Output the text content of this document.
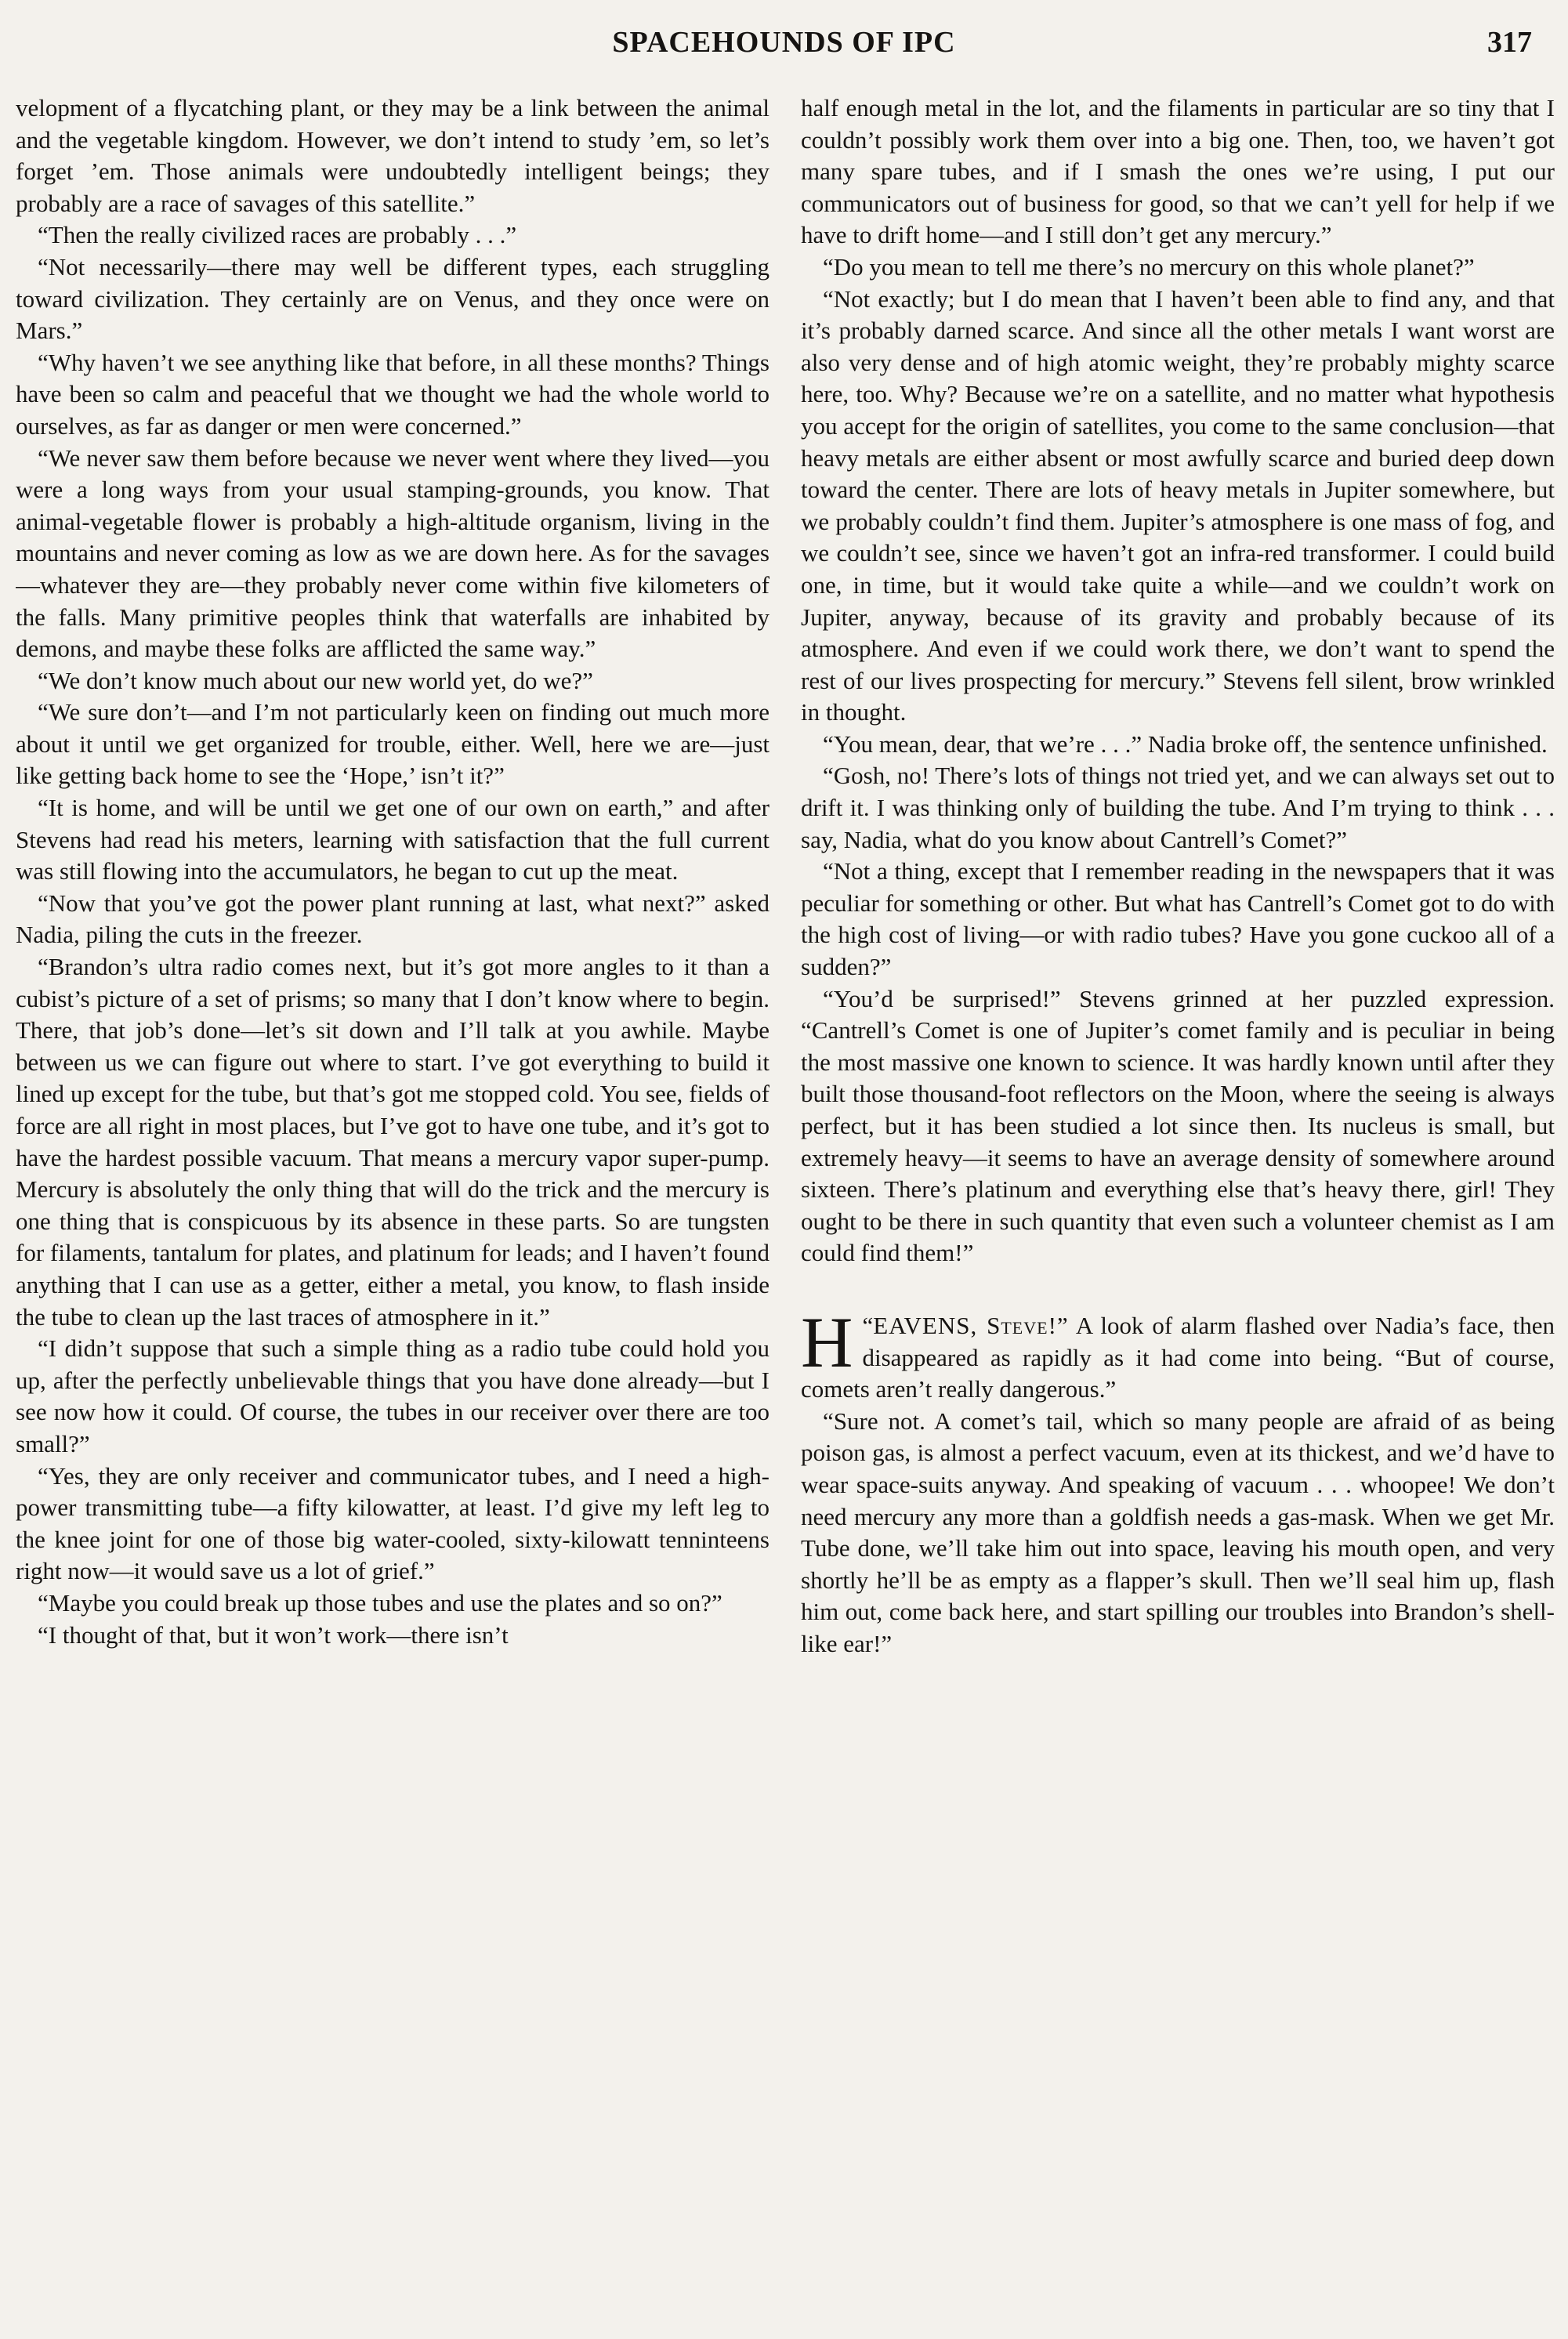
SPACEHOUNDS OF IPC	317

velopment of a flycatching plant, or they may be a link between the animal and the vegetable kingdom. However, we don’t intend to study ’em, so let’s forget ’em. Those animals were undoubtedly intelligent beings; they probably are a race of savages of this satellite.”

“Then the really civilized races are probably . . .”

“Not necessarily—there may well be different types, each struggling toward civilization. They certainly are on Venus, and they once were on Mars.”

“Why haven’t we see anything like that before, in all these months? Things have been so calm and peaceful that we thought we had the whole world to ourselves, as far as danger or men were concerned.”

“We never saw them before because we never went where they lived—you were a long ways from your usual stamping-grounds, you know. That animal-vegetable flower is probably a high-altitude organism, living in the mountains and never coming as low as we are down here. As for the savages—whatever they are—they probably never come within five kilometers of the falls. Many primitive peoples think that waterfalls are inhabited by demons, and maybe these folks are afflicted the same way.”

“We don’t know much about our new world yet, do we?”

“We sure don’t—and I’m not particularly keen on finding out much more about it until we get organized for trouble, either. Well, here we are—just like getting back home to see the ‘Hope,’ isn’t it?”

“It is home, and will be until we get one of our own on earth,” and after Stevens had read his meters, learning with satisfaction that the full current was still flowing into the accumulators, he began to cut up the meat.

“Now that you’ve got the power plant running at last, what next?” asked Nadia, piling the cuts in the freezer.

“Brandon’s ultra radio comes next, but it’s got more angles to it than a cubist’s picture of a set of prisms; so many that I don’t know where to begin. There, that job’s done—let’s sit down and I’ll talk at you awhile. Maybe between us we can figure out where to start. I’ve got everything to build it lined up except for the tube, but that’s got me stopped cold. You see, fields of force are all right in most places, but I’ve got to have one tube, and it’s got to have the hardest possible vacuum. That means a mercury vapor super-pump. Mercury is absolutely the only thing that will do the trick and the mercury is one thing that is conspicuous by its absence in these parts. So are tungsten for filaments, tantalum for plates, and platinum for leads; and I haven’t found anything that I can use as a getter, either a metal, you know, to flash inside the tube to clean up the last traces of atmosphere in it.”

“I didn’t suppose that such a simple thing as a radio tube could hold you up, after the perfectly unbelievable things that you have done already—but I see now how it could. Of course, the tubes in our receiver over there are too small?”

“Yes, they are only receiver and communicator tubes, and I need a high-power transmitting tube—a fifty kilowatter, at least. I’d give my left leg to the knee joint for one of those big water-cooled, sixty-kilowatt tenninteens right now—it would save us a lot of grief.”

“Maybe you could break up those tubes and use the plates and so on?”

“I thought of that, but it won’t work—there isn’t

half enough metal in the lot, and the filaments in particular are so tiny that I couldn’t possibly work them over into a big one. Then, too, we haven’t got many spare tubes, and if I smash the ones we’re using, I put our communicators out of business for good, so that we can’t yell for help if we have to drift home—and I still don’t get any mercury.”

“Do you mean to tell me there’s no mercury on this whole planet?”

“Not exactly; but I do mean that I haven’t been able to find any, and that it’s probably darned scarce. And since all the other metals I want worst are also very dense and of high atomic weight, they’re probably mighty scarce here, too. Why? Because we’re on a satellite, and no matter what hypothesis you accept for the origin of satellites, you come to the same conclusion—that heavy metals are either absent or most awfully scarce and buried deep down toward the center. There are lots of heavy metals in Jupiter somewhere, but we probably couldn’t find them. Jupiter’s atmosphere is one mass of fog, and we couldn’t see, since we haven’t got an infra-red transformer. I could build one, in time, but it would take quite a while—and we couldn’t work on Jupiter, anyway, because of its gravity and probably because of its atmosphere. And even if we could work there, we don’t want to spend the rest of our lives prospecting for mercury.” Stevens fell silent, brow wrinkled in thought.

“You mean, dear, that we’re . . .” Nadia broke off, the sentence unfinished.

“Gosh, no! There’s lots of things not tried yet, and we can always set out to drift it. I was thinking only of building the tube. And I’m trying to think . . . say, Nadia, what do you know about Cantrell’s Comet?”

“Not a thing, except that I remember reading in the newspapers that it was peculiar for something or other. But what has Cantrell’s Comet got to do with the high cost of living—or with radio tubes? Have you gone cuckoo all of a sudden?”

“You’d be surprised!” Stevens grinned at her puzzled expression. “Cantrell’s Comet is one of Jupiter’s comet family and is peculiar in being the most massive one known to science. It was hardly known until after they built those thousand-foot reflectors on the Moon, where the seeing is always perfect, but it has been studied a lot since then. Its nucleus is small, but extremely heavy—it seems to have an average density of somewhere around sixteen. There’s platinum and everything else that’s heavy there, girl! They ought to be there in such quantity that even such a volunteer chemist as I am could find them!”

“
H EAVENS, Steve!” A look of alarm flashed over Nadia’s face, then disappeared as rapidly as it had come into being. “But of course, comets aren’t really dangerous.”

“Sure not. A comet’s tail, which so many people are afraid of as being poison gas, is almost a perfect vacuum, even at its thickest, and we’d have to wear space-suits anyway. And speaking of vacuum . . . whoopee! We don’t need mercury any more than a goldfish needs a gas-mask. When we get Mr. Tube done, we’ll take him out into space, leaving his mouth open, and very shortly he’ll be as empty as a flapper’s skull. Then we’ll seal him up, flash him out, come back here, and start spilling our troubles into Brandon’s shell-like ear!”
